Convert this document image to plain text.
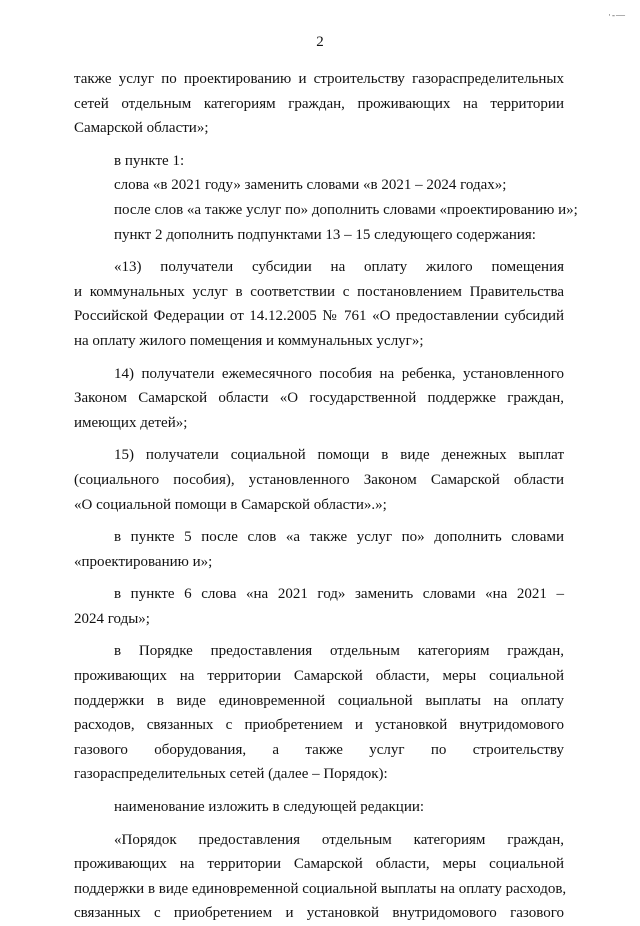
·-—
2
также услуг по проектированию и строительству газораспределительных
сетей отдельным категориям граждан, проживающих на территории
Самарской области»;
в пункте 1:
слова «в 2021 году» заменить словами «в 2021 – 2024 годах»;
после слов «а также услуг по» дополнить словами «проектированию и»;
пункт 2 дополнить подпунктами 13 – 15 следующего содержания:
«13) получатели субсидии на оплату жилого помещения
и коммунальных услуг в соответствии с постановлением Правительства
Российской Федерации от 14.12.2005 № 761 «О предоставлении субсидий
на оплату жилого помещения и коммунальных услуг»;
14) получатели ежемесячного пособия на ребенка, установленного
Законом Самарской области «О государственной поддержке граждан,
имеющих детей»;
15) получатели социальной помощи в виде денежных выплат
(социального пособия), установленного Законом Самарской области
«О социальной помощи в Самарской области».»;
в пункте 5 после слов «а также услуг по» дополнить словами
«проектированию и»;
в пункте 6 слова «на 2021 год» заменить словами «на 2021 –
2024 годы»;
в Порядке предоставления отдельным категориям граждан,
проживающих на территории Самарской области, меры социальной
поддержки в виде единовременной социальной выплаты на оплату
расходов, связанных с приобретением и установкой внутридомового
газового оборудования, а также услуг по строительству
газораспределительных сетей (далее – Порядок):
наименование изложить в следующей редакции:
«Порядок предоставления отдельным категориям граждан,
проживающих на территории Самарской области, меры социальной
поддержки в виде единовременной социальной выплаты на оплату расходов,
связанных с приобретением и установкой внутридомового газового
